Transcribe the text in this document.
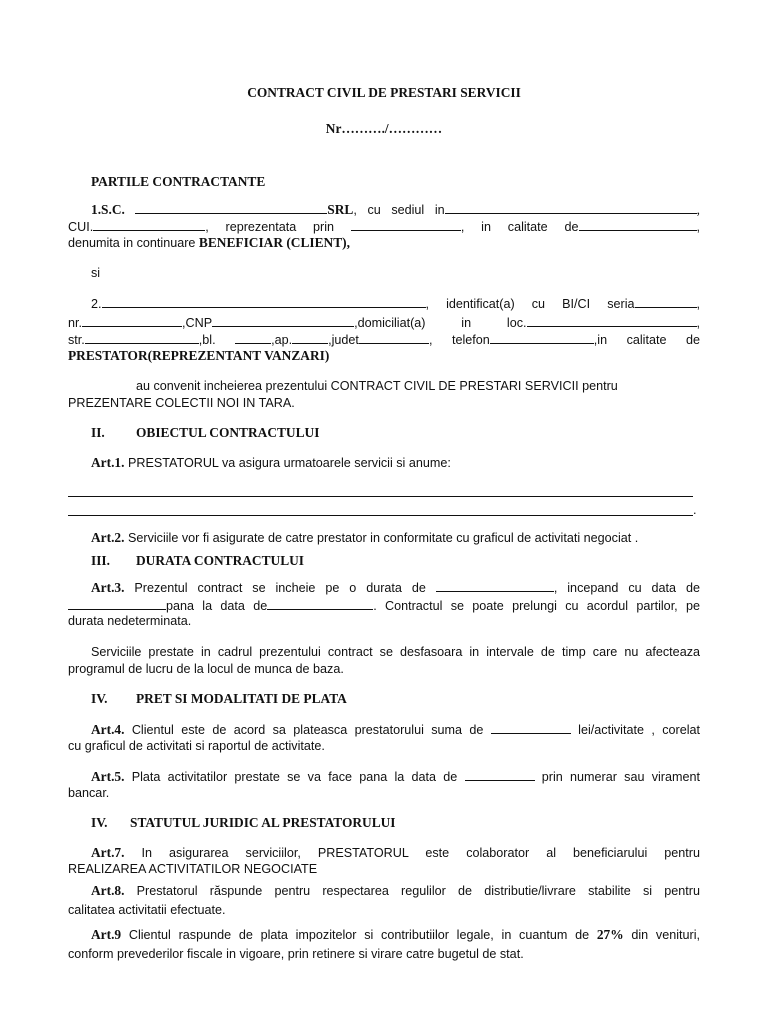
CONTRACT CIVIL DE PRESTARI SERVICII
Nr………./…………
PARTILE CONTRACTANTE
1.S.C.	SRL, cu sediul in	,
CUI.	, reprezentata prin	, in calitate de	,
denumita in continuare BENEFICIAR (CLIENT),
si
2.	, identificat(a) cu BI/CI seria	,
nr.	,CNP	,domiciliat(a) in loc.	,
str.	,bl.	,ap.	,judet	, telefon	,in calitate de
PRESTATOR(REPREZENTANT VANZARI)
au convenit incheierea prezentului CONTRACT CIVIL DE PRESTARI SERVICII pentru
PREZENTARE COLECTII NOI IN TARA.
II. OBIECTUL CONTRACTULUI
Art.1. PRESTATORUL va asigura urmatoarele servicii si anume:
.
Art.2. Serviciile vor fi asigurate de catre prestator in conformitate cu graficul de activitati negociat .
III. DURATA CONTRACTULUI
Art.3. Prezentul contract se incheie pe o durata de	, incepand cu data de
pana la data de	. Contractul se poate prelungi cu acordul partilor, pe
durata nedeterminata.
Serviciile prestate in cadrul prezentului contract se desfasoara in intervale de timp care nu afecteaza
programul de lucru de la locul de munca de baza.
IV. PRET SI MODALITATI DE PLATA
Art.4. Clientul este de acord sa plateasca prestatorului suma de	lei/activitate , corelat
cu graficul de activitati si raportul de activitate.
Art.5. Plata activitatilor prestate se va face pana la data de	prin numerar sau virament
bancar.
IV. STATUTUL JURIDIC AL PRESTATORULUI
Art.7. In asigurarea serviciilor, PRESTATORUL este colaborator al beneficiarului pentru
REALIZAREA ACTIVITATILOR NEGOCIATE
Art.8. Prestatorul răspunde pentru respectarea regulilor de distributie/livrare stabilite si pentru
calitatea activitatii efectuate.
Art.9 Clientul raspunde de plata impozitelor si contributiilor legale, in cuantum de 27% din venituri,
conform prevederilor fiscale in vigoare, prin retinere si virare catre bugetul de stat.
